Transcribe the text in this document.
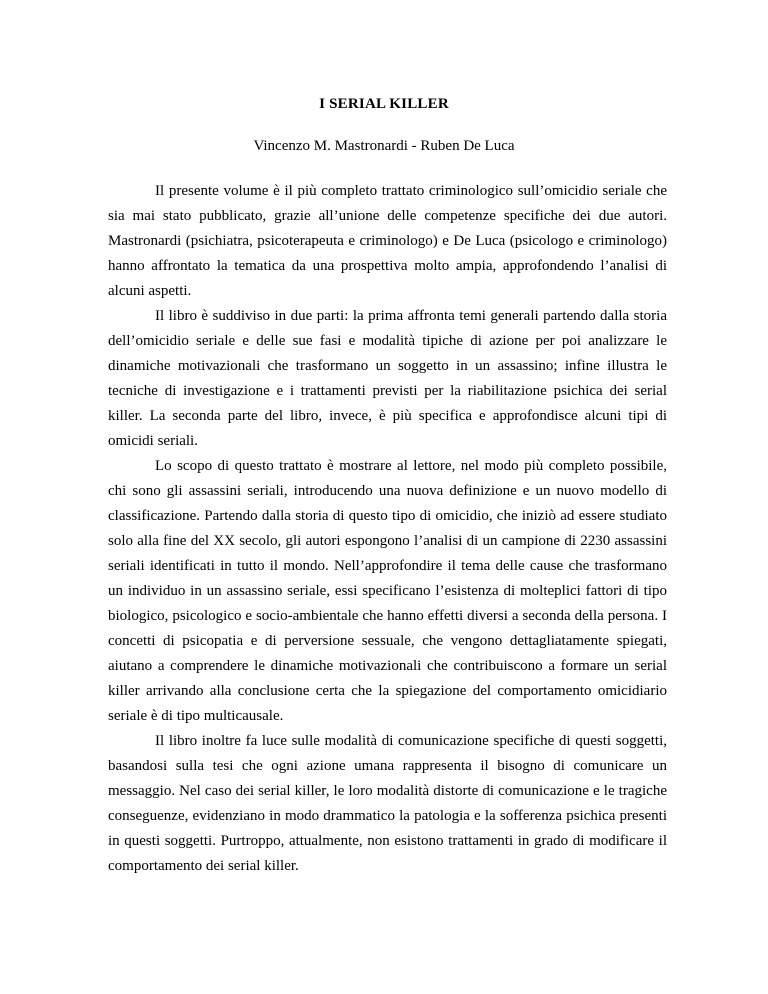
I SERIAL KILLER
Vincenzo M. Mastronardi - Ruben De Luca

Il presente volume è il più completo trattato criminologico sull’omicidio seriale che sia mai stato pubblicato, grazie all’unione delle competenze specifiche dei due autori. Mastronardi (psichiatra, psicoterapeuta e criminologo) e De Luca (psicologo e criminologo) hanno affrontato la tematica da una prospettiva molto ampia, approfondendo l’analisi di alcuni aspetti.

Il libro è suddiviso in due parti: la prima affronta temi generali partendo dalla storia dell’omicidio seriale e delle sue fasi e modalità tipiche di azione per poi analizzare le dinamiche motivazionali che trasformano un soggetto in un assassino; infine illustra le tecniche di investigazione e i trattamenti previsti per la riabilitazione psichica dei serial killer. La seconda parte del libro, invece, è più specifica e approfondisce alcuni tipi di omicidi seriali.

Lo scopo di questo trattato è mostrare al lettore, nel modo più completo possibile, chi sono gli assassini seriali, introducendo una nuova definizione e un nuovo modello di classificazione. Partendo dalla storia di questo tipo di omicidio, che iniziò ad essere studiato solo alla fine del XX secolo, gli autori espongono l’analisi di un campione di 2230 assassini seriali identificati in tutto il mondo. Nell’approfondire il tema delle cause che trasformano un individuo in un assassino seriale, essi specificano l’esistenza di molteplici fattori di tipo biologico, psicologico e socio-ambientale che hanno effetti diversi a seconda della persona. I concetti di psicopatia e di perversione sessuale, che vengono dettagliatamente spiegati, aiutano a comprendere le dinamiche motivazionali che contribuiscono a formare un serial killer arrivando alla conclusione certa che la spiegazione del comportamento omicidiario seriale è di tipo multicausale.

Il libro inoltre fa luce sulle modalità di comunicazione specifiche di questi soggetti, basandosi sulla tesi che ogni azione umana rappresenta il bisogno di comunicare un messaggio. Nel caso dei serial killer, le loro modalità distorte di comunicazione e le tragiche conseguenze, evidenziano in modo drammatico la patologia e la sofferenza psichica presenti in questi soggetti. Purtroppo, attualmente, non esistono trattamenti in grado di modificare il comportamento dei serial killer.
